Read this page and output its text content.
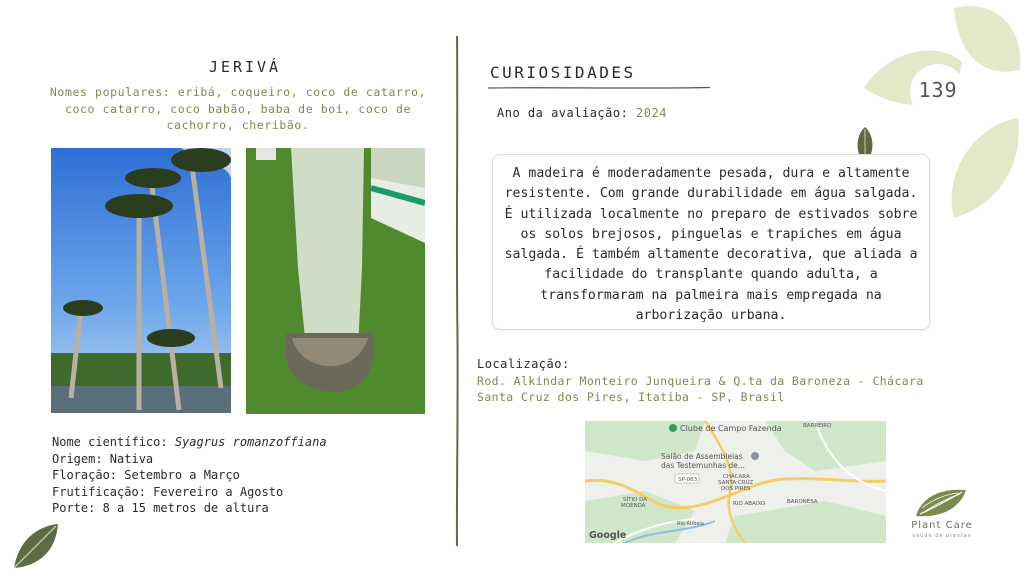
139
JERIVÁ
Nomes populares: eribá, coqueiro, coco de catarro, coco catarro, coco babão, baba de boi, coco de cachorro, cheribão.
Nome científico: Syagrus romanzoffiana
Origem: Nativa
Floração: Setembro a Março
Frutificação: Fevereiro a Agosto
Porte: 8 a 15 metros de altura
CURIOSIDADES
Ano da avaliação: 2024
A madeira é moderadamente pesada, dura e altamente resistente. Com grande durabilidade em água salgada. É utilizada localmente no preparo de estivados sobre os solos brejosos, pinguelas e trapiches em água salgada. É também altamente decorativa, que aliada a facilidade do transplante quando adulta, a transformaram na palmeira mais empregada na arborização urbana.
Localização:
Rod. Alkindar Monteiro Junqueira & Q.ta da Baroneza - Chácara Santa Cruz dos Pires, Itatiba - SP, Brasil
Clube de Campo Fazenda	BARREIRO
Salão de Assembleias
das Testemunhas de...
SP-063	CHÁCARA
SANTA CRUZ
DOS PIRES
SÍTIO DA
MOENDA	RIO ABAIXO	BARONESA
Rio Atibaia
Google
Plant Care
saúde de plantas
